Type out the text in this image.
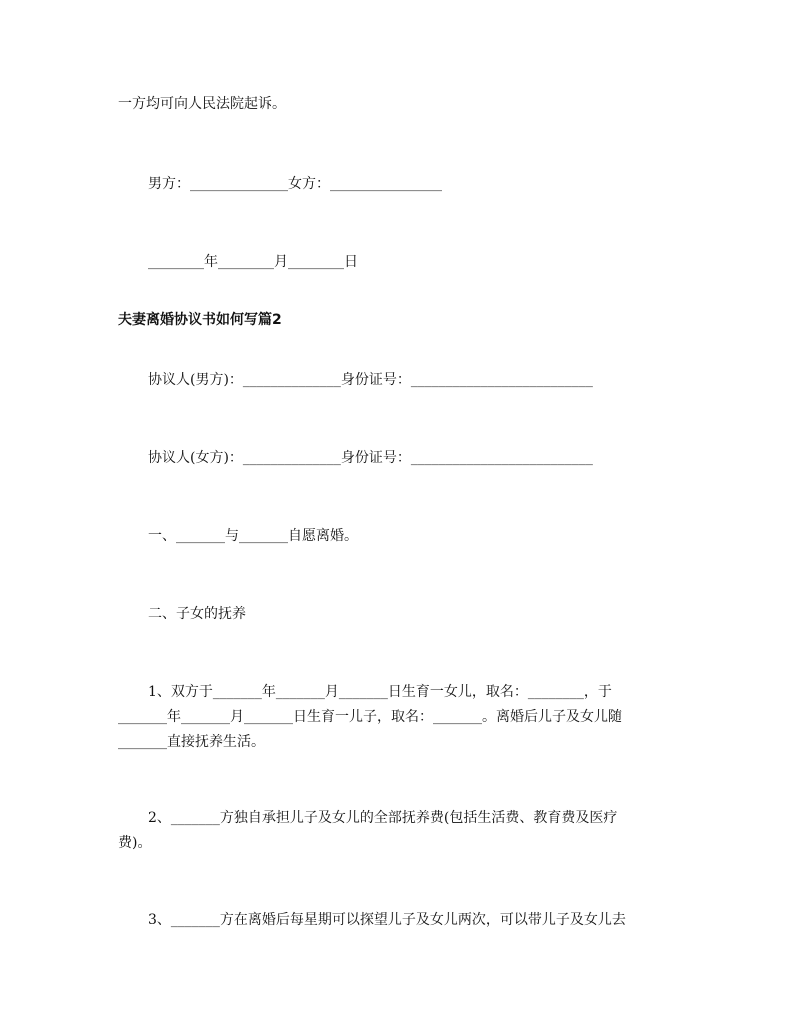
一方均可向人民法院起诉。
男方：______________女方：________________
________年________月________日
夫妻离婚协议书如何写篇2
协议人(男方)：______________身份证号：__________________________
协议人(女方)：______________身份证号：__________________________
一、_______与_______自愿离婚。
二、子女的抚养
1、双方于_______年_______月_______日生育一女儿，取名：________，于
_______年_______月_______日生育一儿子，取名：_______。离婚后儿子及女儿随
_______直接抚养生活。
2、_______方独自承担儿子及女儿的全部抚养费(包括生活费、教育费及医疗
费)。
3、_______方在离婚后每星期可以探望儿子及女儿两次，可以带儿子及女儿去
